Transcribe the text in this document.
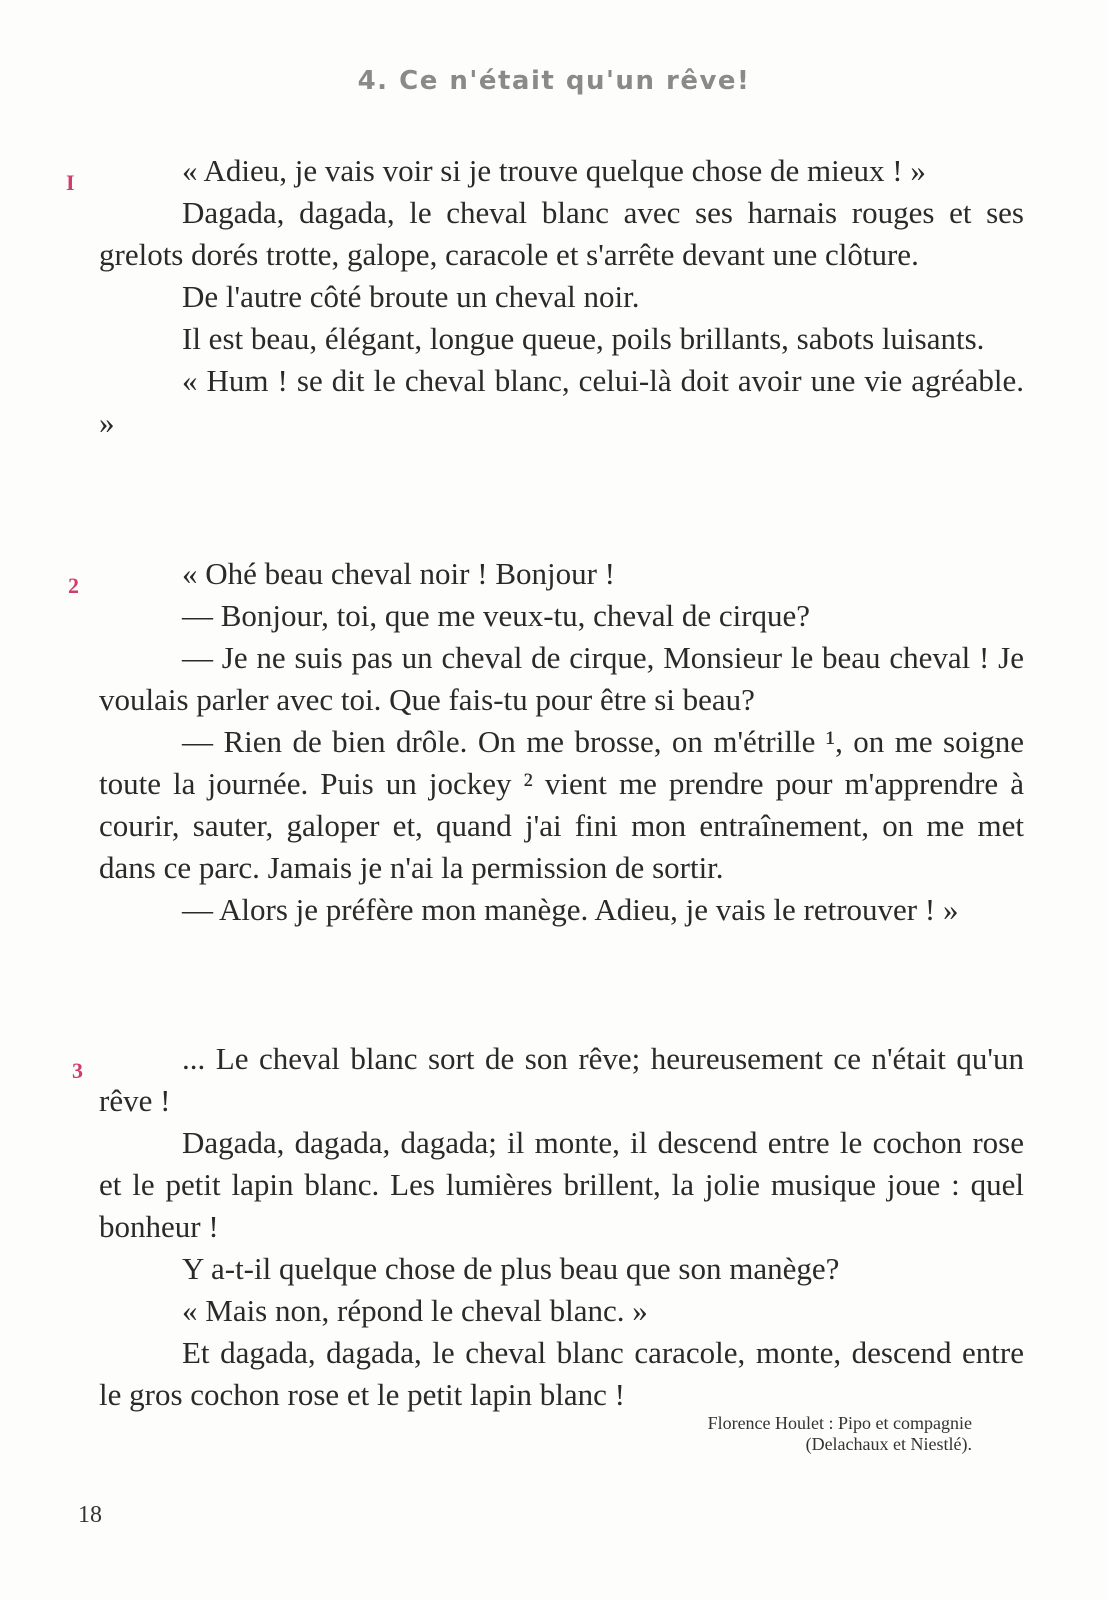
4. Ce n'était qu'un rêve!
I	« Adieu, je vais voir si je trouve quelque chose de mieux ! »

Dagada, dagada, le cheval blanc avec ses harnais rouges et ses grelots dorés trotte, galope, caracole et s'arrête devant une clôture.

De l'autre côté broute un cheval noir.

Il est beau, élégant, longue queue, poils brillants, sabots luisants.

« Hum ! se dit le cheval blanc, celui-là doit avoir une vie agréable. »

2	« Ohé beau cheval noir ! Bonjour !

— Bonjour, toi, que me veux-tu, cheval de cirque?

— Je ne suis pas un cheval de cirque, Monsieur le beau cheval ! Je voulais parler avec toi. Que fais-tu pour être si beau?

— Rien de bien drôle. On me brosse, on m'étrille ¹, on me soigne toute la journée. Puis un jockey ² vient me prendre pour m'apprendre à courir, sauter, galoper et, quand j'ai fini mon entraînement, on me met dans ce parc. Jamais je n'ai la permission de sortir.

— Alors je préfère mon manège. Adieu, je vais le retrouver ! »

3	... Le cheval blanc sort de son rêve; heureusement ce n'était qu'un rêve !

Dagada, dagada, dagada; il monte, il descend entre le cochon rose et le petit lapin blanc. Les lumières brillent, la jolie musique joue : quel bonheur !

Y a-t-il quelque chose de plus beau que son manège?

« Mais non, répond le cheval blanc. »

Et dagada, dagada, le cheval blanc caracole, monte, descend entre le gros cochon rose et le petit lapin blanc !

Florence Houlet : Pipo et compagnie
(Delachaux et Niestlé).
18
